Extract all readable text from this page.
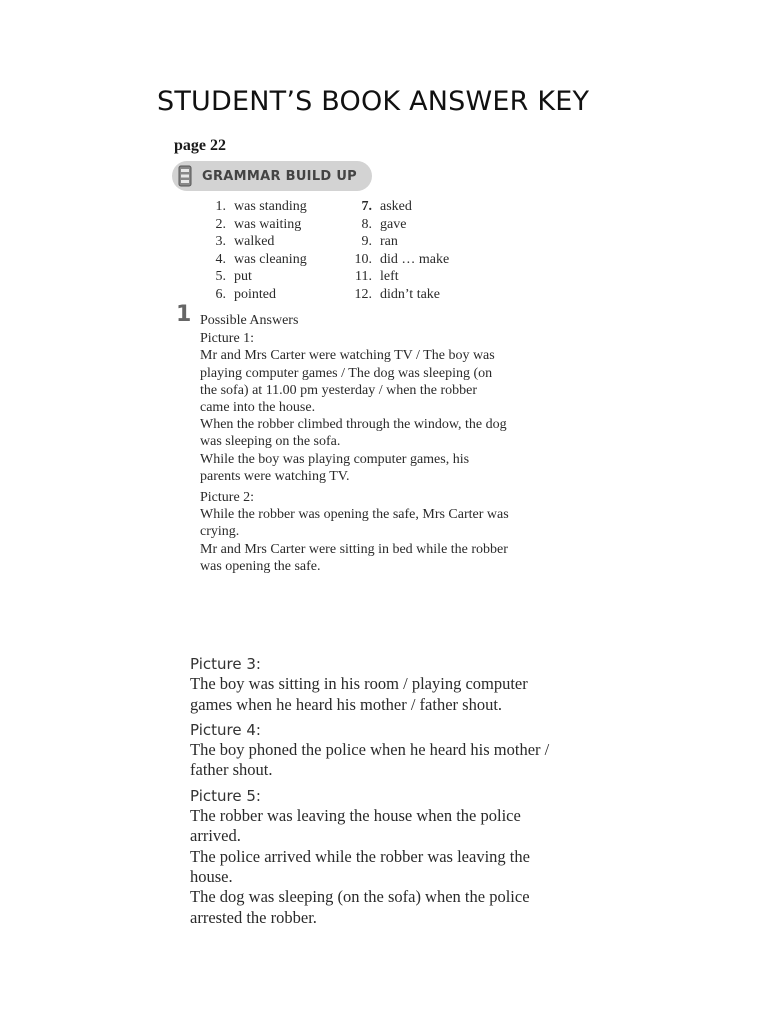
STUDENT’S BOOK ANSWER KEY
page 22
GRAMMAR BUILD UP
1. was standing	7. asked
2. was waiting	8. gave
3. walked	9. ran
4. was cleaning	10. did … make
5. put	11. left
6. pointed	12. didn’t take
1 Possible Answers
Picture 1:
Mr and Mrs Carter were watching TV / The boy was
playing computer games / The dog was sleeping (on
the sofa) at 11.00 pm yesterday / when the robber
came into the house.
When the robber climbed through the window, the dog
was sleeping on the sofa.
While the boy was playing computer games, his
parents were watching TV.
Picture 2:
While the robber was opening the safe, Mrs Carter was
crying.
Mr and Mrs Carter were sitting in bed while the robber
was opening the safe.
Picture 3:
The boy was sitting in his room / playing computer
games when he heard his mother / father shout.
Picture 4:
The boy phoned the police when he heard his mother /
father shout.
Picture 5:
The robber was leaving the house when the police
arrived.
The police arrived while the robber was leaving the
house.
The dog was sleeping (on the sofa) when the police
arrested the robber.
